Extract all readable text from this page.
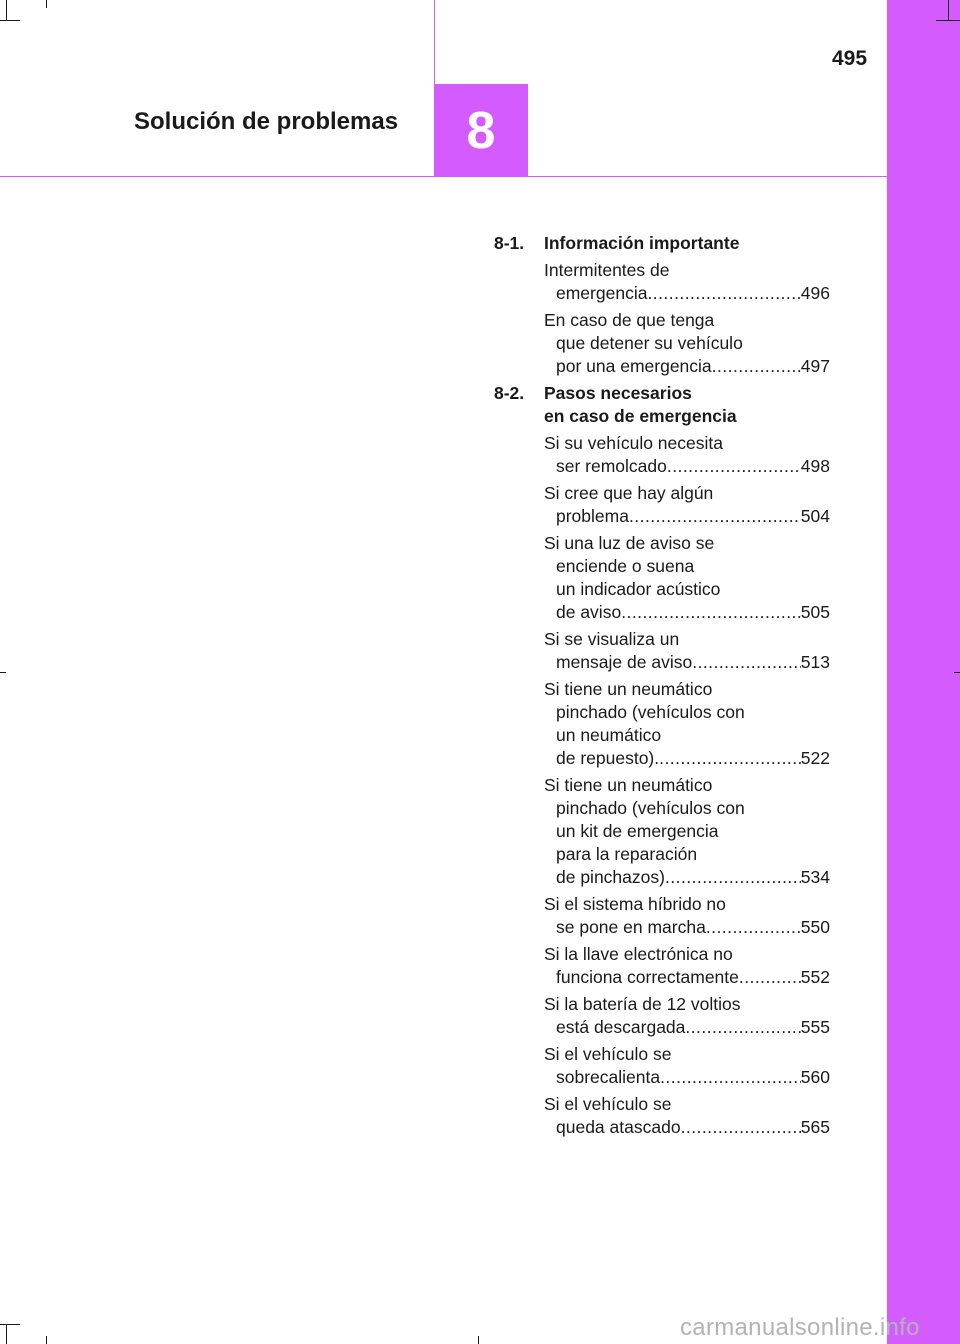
495
Solución de problemas 8
8-1. Información importante
Intermitentes de
emergencia . . .	496
En caso de que tenga
que detener su vehículo
por una emergencia . . .	497
8-2. Pasos necesarios
en caso de emergencia
Si su vehículo necesita
ser remolcado . . .	498
Si cree que hay algún
problema . . .	504
Si una luz de aviso se
enciende o suena
un indicador acústico
de aviso . . .	505
Si se visualiza un
mensaje de aviso . . .	513
Si tiene un neumático
pinchado (vehículos con
un neumático
de repuesto). . . .	522
Si tiene un neumático
pinchado (vehículos con
un kit de emergencia
para la reparación
de pinchazos) . . .	534
Si el sistema híbrido no
se pone en marcha . . .	550
Si la llave electrónica no
funciona correctamente . . .	552
Si la batería de 12 voltios
está descargada . . .	555
Si el vehículo se
sobrecalienta . . .	560
Si el vehículo se
queda atascado . . .	565
carmanualsonline.info
